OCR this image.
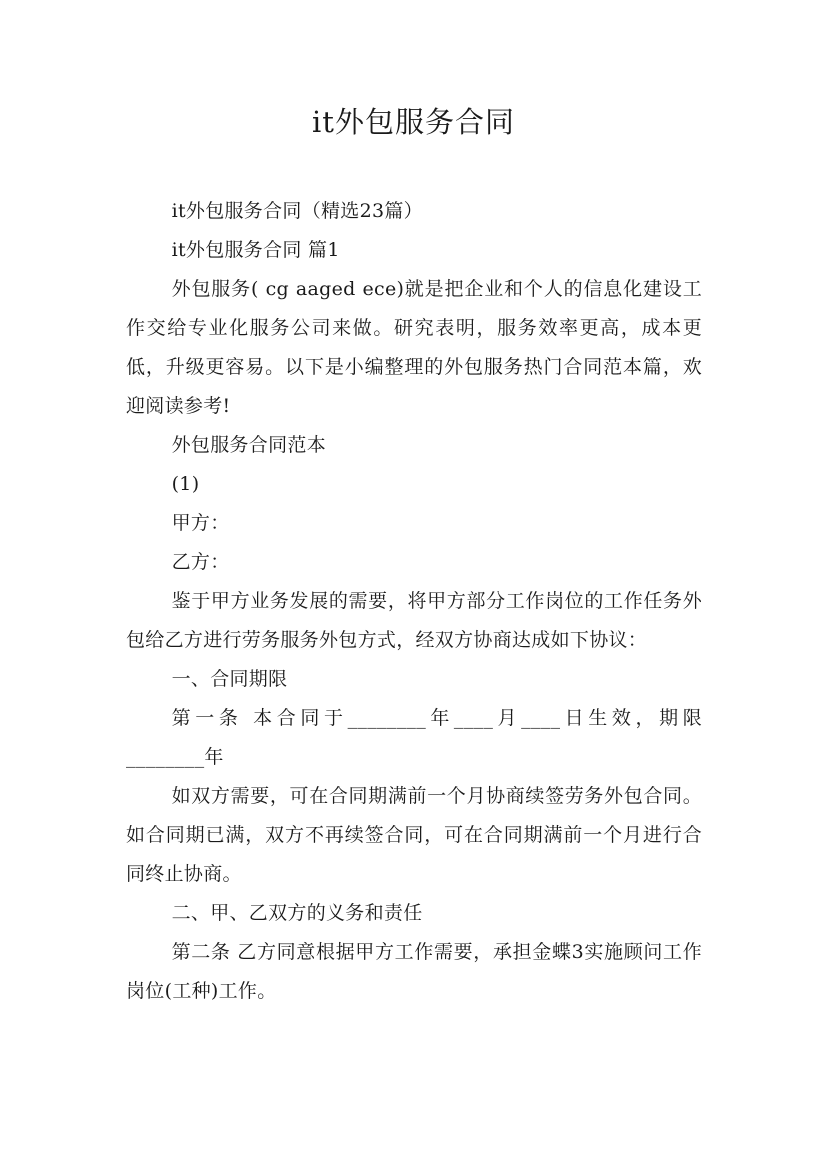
it外包服务合同

it外包服务合同（精选23篇）

it外包服务合同 篇1

外包服务( cg aaged ece)就是把企业和个人的信息化建设工作交给专业化服务公司来做。研究表明，服务效率更高，成本更低，升级更容易。以下是小编整理的外包服务热门合同范本篇，欢迎阅读参考!

外包服务合同范本

(1)

甲方：

乙方：

鉴于甲方业务发展的需要，将甲方部分工作岗位的工作任务外包给乙方进行劳务服务外包方式，经双方协商达成如下协议：

一、合同期限

第一条 本合同于________年____月____日生效，期限________年

如双方需要，可在合同期满前一个月协商续签劳务外包合同。如合同期已满，双方不再续签合同，可在合同期满前一个月进行合同终止协商。

二、甲、乙双方的义务和责任

第二条 乙方同意根据甲方工作需要，承担金蝶3实施顾问工作 岗位(工种)工作。
